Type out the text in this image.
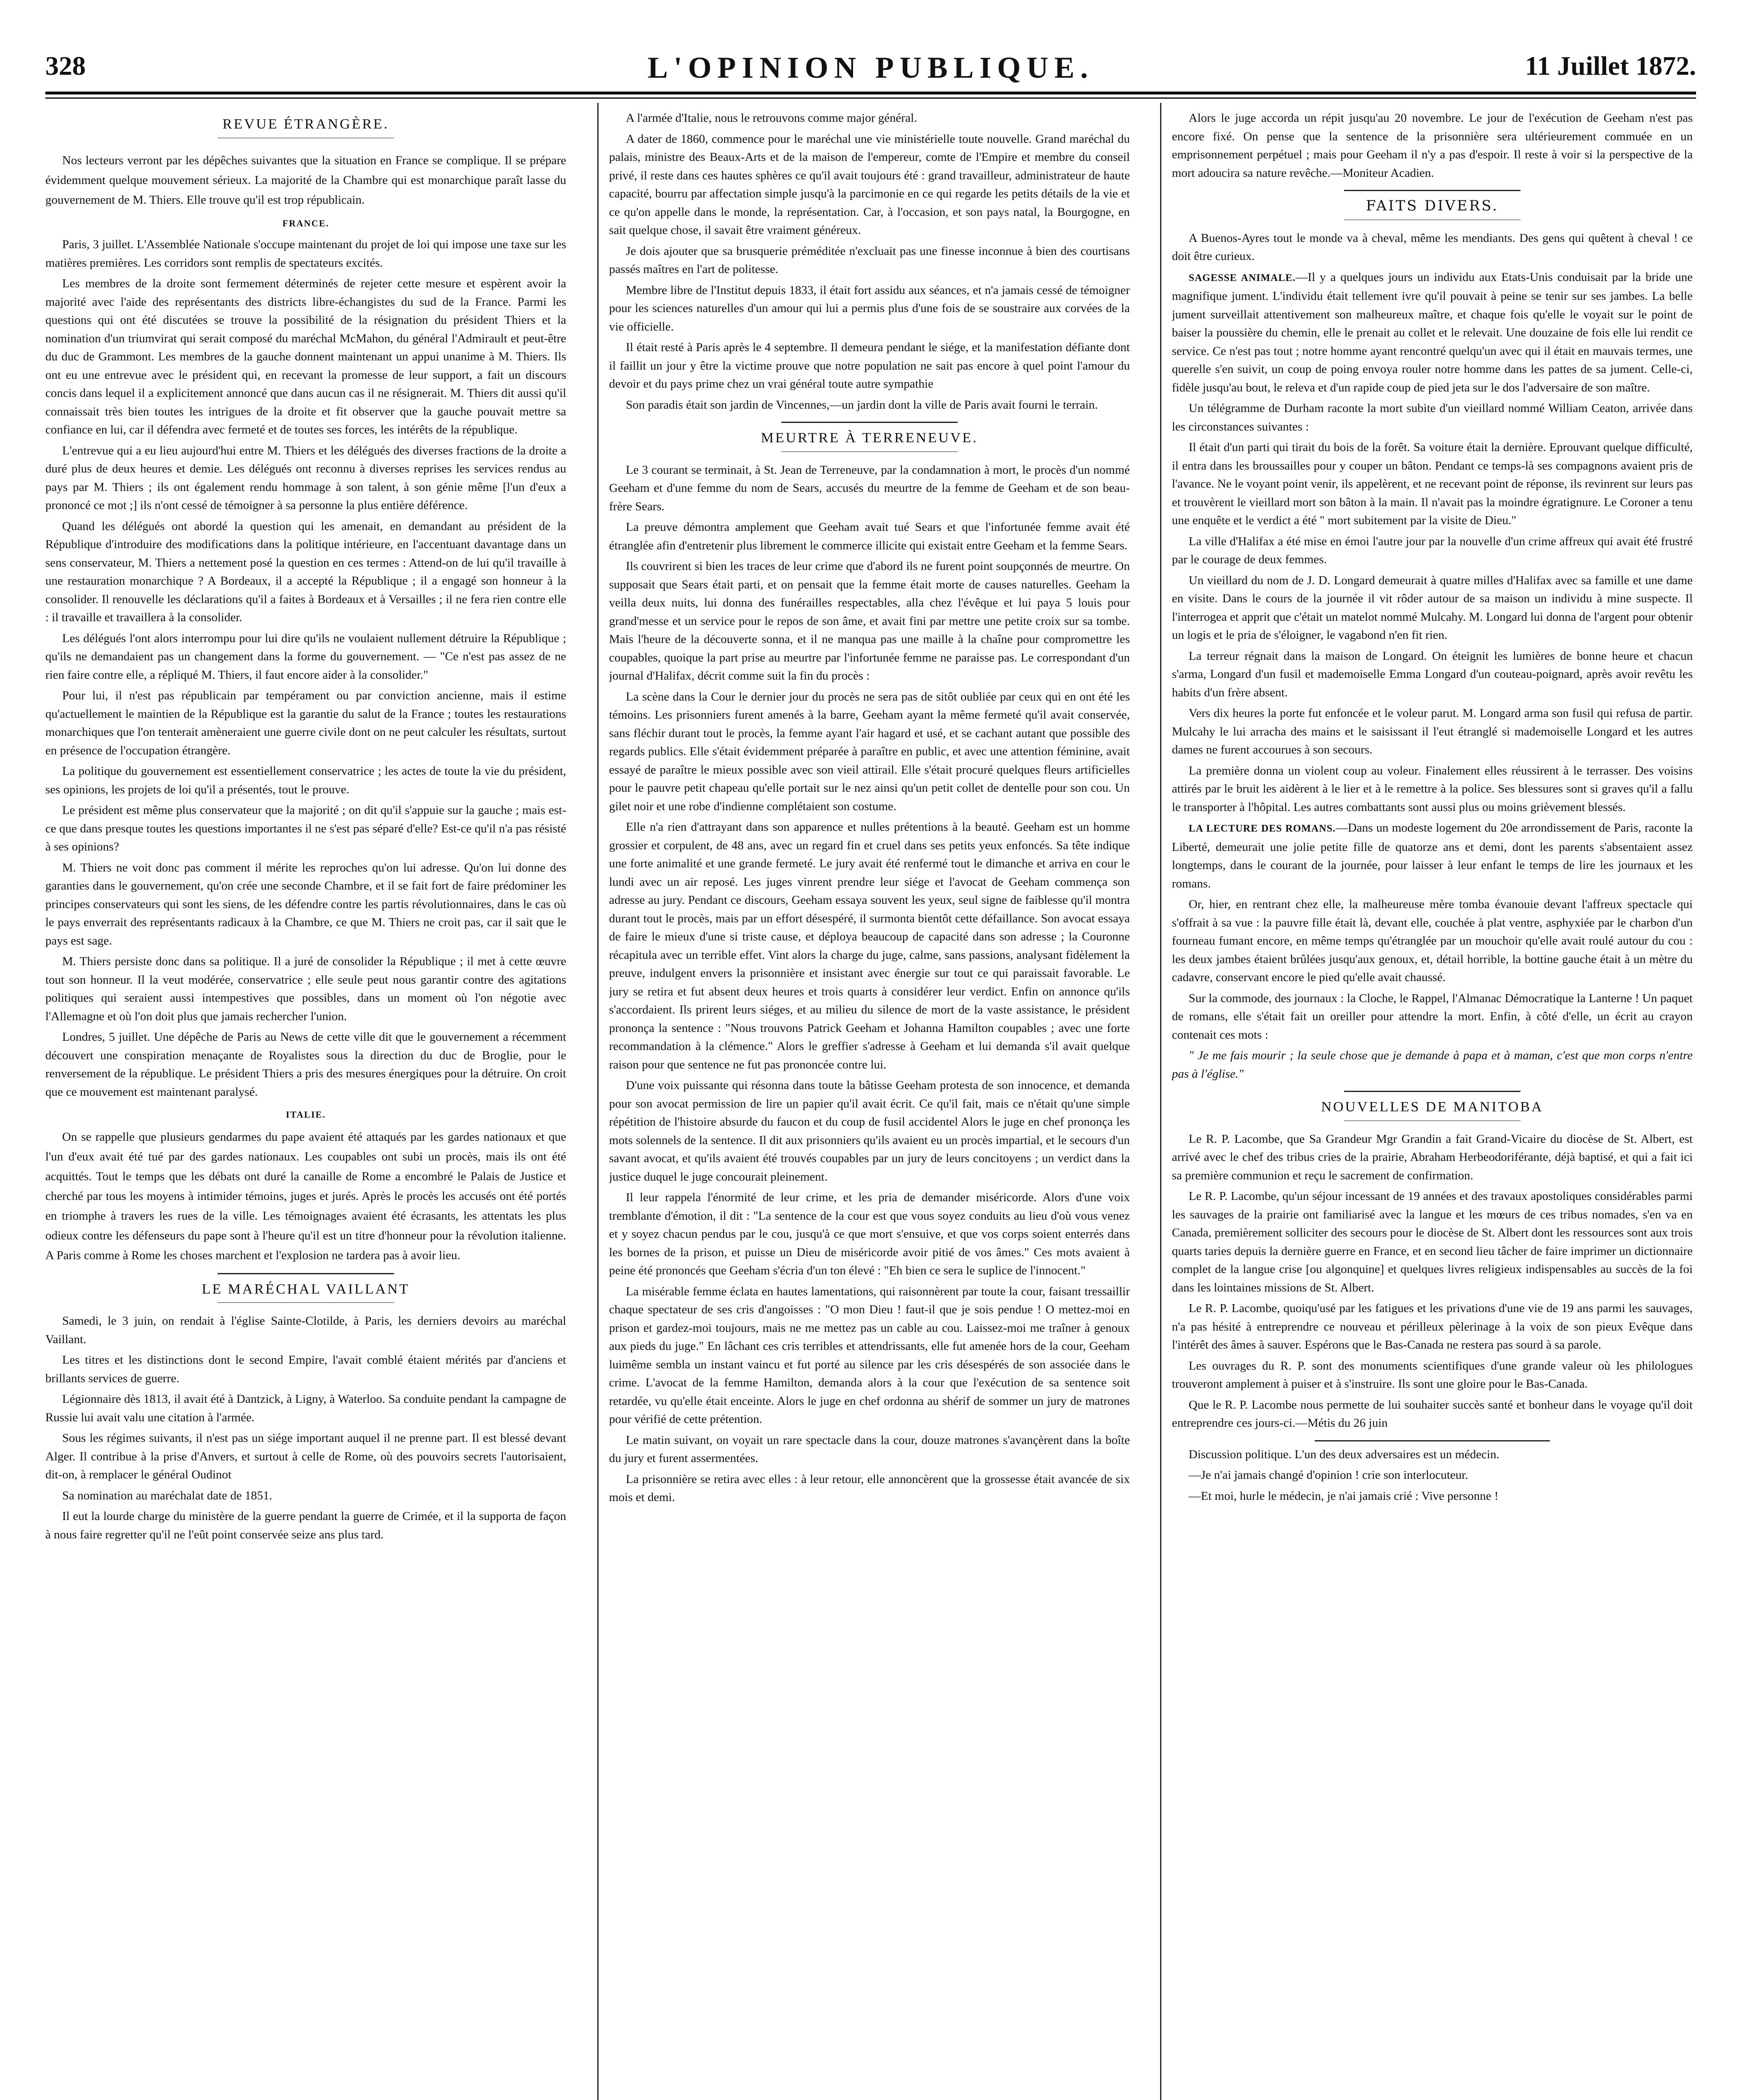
328	L'OPINION PUBLIQUE.	11 Juillet 1872.
REVUE ÉTRANGÈRE.

Nos lecteurs verront par les dépêches suivantes que la situation en France se complique. Il se prépare évidemment quelque mouvement sérieux. La majorité de la Chambre qui est monarchique paraît lasse du gouvernement de M. Thiers. Elle trouve qu'il est trop républicain.

FRANCE.

Paris, 3 juillet. L'Assemblée Nationale s'occupe maintenant du projet de loi qui impose une taxe sur les matières premières. Les corridors sont remplis de spectateurs excités.

Les membres de la droite sont fermement déterminés de rejeter cette mesure et espèrent avoir la majorité avec l'aide des représentants des districts libre-échangistes du sud de la France. Parmi les questions qui ont été discutées se trouve la possibilité de la résignation du président Thiers et la nomination d'un triumvirat qui serait composé du maréchal McMahon, du général l'Admirault et peut-être du duc de Grammont. Les membres de la gauche donnent maintenant un appui unanime à M. Thiers. Ils ont eu une entrevue avec le président qui, en recevant la promesse de leur support, a fait un discours concis dans lequel il a explicitement annoncé que dans aucun cas il ne résignerait. M. Thiers dit aussi qu'il connaissait très bien toutes les intrigues de la droite et fit observer que la gauche pouvait mettre sa confiance en lui, car il défendra avec fermeté et de toutes ses forces, les intérêts de la république.

L'entrevue qui a eu lieu aujourd'hui entre M. Thiers et les délégués des diverses fractions de la droite a duré plus de deux heures et demie. Les délégués ont reconnu à diverses reprises les services rendus au pays par M. Thiers ; ils ont également rendu hommage à son talent, à son génie même [l'un d'eux a prononcé ce mot ;] ils n'ont cessé de témoigner à sa personne la plus entière déférence.

Quand les délégués ont abordé la question qui les amenait, en demandant au président de la République d'introduire des modifications dans la politique intérieure, en l'accentuant davantage dans un sens conservateur, M. Thiers a nettement posé la question en ces termes : Attend-on de lui qu'il travaille à une restauration monarchique ? A Bordeaux, il a accepté la République ; il a engagé son honneur à la consolider. Il renouvelle les déclarations qu'il a faites à Bordeaux et à Versailles ; il ne fera rien contre elle : il travaille et travaillera à la consolider.

Les délégués l'ont alors interrompu pour lui dire qu'ils ne voulaient nullement détruire la République ; qu'ils ne demandaient pas un changement dans la forme du gouvernement. — "Ce n'est pas assez de ne rien faire contre elle, a répliqué M. Thiers, il faut encore aider à la consolider."

Pour lui, il n'est pas républicain par tempérament ou par conviction ancienne, mais il estime qu'actuellement le maintien de la République est la garantie du salut de la France ; toutes les restaurations monarchiques que l'on tenterait amèneraient une guerre civile dont on ne peut calculer les résultats, surtout en présence de l'occupation étrangère.

La politique du gouvernement est essentiellement conservatrice ; les actes de toute la vie du président, ses opinions, les projets de loi qu'il a présentés, tout le prouve.

Le président est même plus conservateur que la majorité ; on dit qu'il s'appuie sur la gauche ; mais est-ce que dans presque toutes les questions importantes il ne s'est pas séparé d'elle? Est-ce qu'il n'a pas résisté à ses opinions?

M. Thiers ne voit donc pas comment il mérite les reproches qu'on lui adresse. Qu'on lui donne des garanties dans le gouvernement, qu'on crée une seconde Chambre, et il se fait fort de faire prédominer les principes conservateurs qui sont les siens, de les défendre contre les partis révolutionnaires, dans le cas où le pays enverrait des représentants radicaux à la Chambre, ce que M. Thiers ne croit pas, car il sait que le pays est sage.

M. Thiers persiste donc dans sa politique. Il a juré de consolider la République ; il met à cette œuvre tout son honneur. Il la veut modérée, conservatrice ; elle seule peut nous garantir contre des agitations politiques qui seraient aussi intempestives que possibles, dans un moment où l'on négotie avec l'Allemagne et où l'on doit plus que jamais rechercher l'union.

Londres, 5 juillet. Une dépêche de Paris au News de cette ville dit que le gouvernement a récemment découvert une conspiration menaçante de Royalistes sous la direction du duc de Broglie, pour le renversement de la république. Le président Thiers a pris des mesures énergiques pour la détruire. On croit que ce mouvement est maintenant paralysé.

ITALIE.

On se rappelle que plusieurs gendarmes du pape avaient été attaqués par les gardes nationaux et que l'un d'eux avait été tué par des gardes nationaux. Les coupables ont subi un procès, mais ils ont été acquittés. Tout le temps que les débats ont duré la canaille de Rome a encombré le Palais de Justice et cherché par tous les moyens à intimider témoins, juges et jurés. Après le procès les accusés ont été portés en triomphe à travers les rues de la ville. Les témoignages avaient été écrasants, les attentats les plus odieux contre les défenseurs du pape sont à l'heure qu'il est un titre d'honneur pour la révolution italienne. A Paris comme à Rome les choses marchent et l'explosion ne tardera pas à avoir lieu.

LE MARÉCHAL VAILLANT

Samedi, le 3 juin, on rendait à l'église Sainte-Clotilde, à Paris, les derniers devoirs au maréchal Vaillant.

Les titres et les distinctions dont le second Empire, l'avait comblé étaient mérités par d'anciens et brillants services de guerre.

Légionnaire dès 1813, il avait été à Dantzick, à Ligny, à Waterloo. Sa conduite pendant la campagne de Russie lui avait valu une citation à l'armée.

Sous les régimes suivants, il n'est pas un siége important auquel il ne prenne part. Il est blessé devant Alger. Il contribue à la prise d'Anvers, et surtout à celle de Rome, où des pouvoirs secrets l'autorisaient, dit-on, à remplacer le général Oudinot

Sa nomination au maréchalat date de 1851.

Il eut la lourde charge du ministère de la guerre pendant la guerre de Crimée, et il la supporta de façon à nous faire regretter qu'il ne l'eût point conservée seize ans plus tard.

A l'armée d'Italie, nous le retrouvons comme major général.

A dater de 1860, commence pour le maréchal une vie ministérielle toute nouvelle. Grand maréchal du palais, ministre des Beaux-Arts et de la maison de l'empereur, comte de l'Empire et membre du conseil privé, il reste dans ces hautes sphères ce qu'il avait toujours été : grand travailleur, administrateur de haute capacité, bourru par affectation simple jusqu'à la parcimonie en ce qui regarde les petits détails de la vie et ce qu'on appelle dans le monde, la représentation. Car, à l'occasion, et son pays natal, la Bourgogne, en sait quelque chose, il savait être vraiment généreux.

Je dois ajouter que sa brusquerie préméditée n'excluait pas une finesse inconnue à bien des courtisans passés maîtres en l'art de politesse.

Membre libre de l'Institut depuis 1833, il était fort assidu aux séances, et n'a jamais cessé de témoigner pour les sciences naturelles d'un amour qui lui a permis plus d'une fois de se soustraire aux corvées de la vie officielle.

Il était resté à Paris après le 4 septembre. Il demeura pendant le siége, et la manifestation défiante dont il faillit un jour y être la victime prouve que notre population ne sait pas encore à quel point l'amour du devoir et du pays prime chez un vrai général toute autre sympathie

Son paradis était son jardin de Vincennes,—un jardin dont la ville de Paris avait fourni le terrain.

MEURTRE À TERRENEUVE.

Le 3 courant se terminait, à St. Jean de Terreneuve, par la condamnation à mort, le procès d'un nommé Geeham et d'une femme du nom de Sears, accusés du meurtre de la femme de Geeham et de son beau-frère Sears.

La preuve démontra amplement que Geeham avait tué Sears et que l'infortunée femme avait été étranglée afin d'entretenir plus librement le commerce illicite qui existait entre Geeham et la femme Sears.

Ils couvrirent si bien les traces de leur crime que d'abord ils ne furent point soupçonnés de meurtre. On supposait que Sears était parti, et on pensait que la femme était morte de causes naturelles. Geeham la veilla deux nuits, lui donna des funérailles respectables, alla chez l'évêque et lui paya 5 louis pour grand'messe et un service pour le repos de son âme, et avait fini par mettre une petite croix sur sa tombe. Mais l'heure de la découverte sonna, et il ne manqua pas une maille à la chaîne pour compromettre les coupables, quoique la part prise au meurtre par l'infortunée femme ne paraisse pas. Le correspondant d'un journal d'Halifax, décrit comme suit la fin du procès :

La scène dans la Cour le dernier jour du procès ne sera pas de sitôt oubliée par ceux qui en ont été les témoins. Les prisonniers furent amenés à la barre, Geeham ayant la même fermeté qu'il avait conservée, sans fléchir durant tout le procès, la femme ayant l'air hagard et usé, et se cachant autant que possible des regards publics. Elle s'était évidemment préparée à paraître en public, et avec une attention féminine, avait essayé de paraître le mieux possible avec son vieil attirail. Elle s'était procuré quelques fleurs artificielles pour le pauvre petit chapeau qu'elle portait sur le nez ainsi qu'un petit collet de dentelle pour son cou. Un gilet noir et une robe d'indienne complétaient son costume.

Elle n'a rien d'attrayant dans son apparence et nulles prétentions à la beauté. Geeham est un homme grossier et corpulent, de 48 ans, avec un regard fin et cruel dans ses petits yeux enfoncés. Sa tête indique une forte animalité et une grande fermeté. Le jury avait été renfermé tout le dimanche et arriva en cour le lundi avec un air reposé. Les juges vinrent prendre leur siége et l'avocat de Geeham commença son adresse au jury. Pendant ce discours, Geeham essaya souvent les yeux, seul signe de faiblesse qu'il montra durant tout le procès, mais par un effort désespéré, il surmonta bientôt cette défaillance. Son avocat essaya de faire le mieux d'une si triste cause, et déploya beaucoup de capacité dans son adresse ; la Couronne récapitula avec un terrible effet. Vint alors la charge du juge, calme, sans passions, analysant fidèlement la preuve, indulgent envers la prisonnière et insistant avec énergie sur tout ce qui paraissait favorable. Le jury se retira et fut absent deux heures et trois quarts à considérer leur verdict. Enfin on annonce qu'ils s'accordaient. Ils prirent leurs siéges, et au milieu du silence de mort de la vaste assistance, le président prononça la sentence : "Nous trouvons Patrick Geeham et Johanna Hamilton coupables ; avec une forte recommandation à la clémence." Alors le greffier s'adresse à Geeham et lui demanda s'il avait quelque raison pour que sentence ne fut pas prononcée contre lui.

D'une voix puissante qui résonna dans toute la bâtisse Geeham protesta de son innocence, et demanda pour son avocat permission de lire un papier qu'il avait écrit. Ce qu'il fait, mais ce n'était qu'une simple répétition de l'histoire absurde du faucon et du coup de fusil accidentel Alors le juge en chef prononça les mots solennels de la sentence. Il dit aux prisonniers qu'ils avaient eu un procès impartial, et le secours d'un savant avocat, et qu'ils avaient été trouvés coupables par un jury de leurs concitoyens ; un verdict dans la justice duquel le juge concourait pleinement.

Il leur rappela l'énormité de leur crime, et les pria de demander miséricorde. Alors d'une voix tremblante d'émotion, il dit : "La sentence de la cour est que vous soyez conduits au lieu d'où vous venez et y soyez chacun pendus par le cou, jusqu'à ce que mort s'ensuive, et que vos corps soient enterrés dans les bornes de la prison, et puisse un Dieu de miséricorde avoir pitié de vos âmes." Ces mots avaient à peine été prononcés que Geeham s'écria d'un ton élevé : "Eh bien ce sera le suplice de l'innocent."

La misérable femme éclata en hautes lamentations, qui raisonnèrent par toute la cour, faisant tressaillir chaque spectateur de ses cris d'angoisses : "O mon Dieu ! faut-il que je sois pendue ! O mettez-moi en prison et gardez-moi toujours, mais ne me mettez pas un cable au cou. Laissez-moi me traîner à genoux aux pieds du juge." En lâchant ces cris terribles et attendrissants, elle fut amenée hors de la cour, Geeham luimême sembla un instant vaincu et fut porté au silence par les cris désespérés de son associée dans le crime. L'avocat de la femme Hamilton, demanda alors à la cour que l'exécution de sa sentence soit retardée, vu qu'elle était enceinte. Alors le juge en chef ordonna au shérif de sommer un jury de matrones pour vérifié de cette prétention.

Le matin suivant, on voyait un rare spectacle dans la cour, douze matrones s'avançèrent dans la boîte du jury et furent assermentées.

La prisonnière se retira avec elles : à leur retour, elle annoncèrent que la grossesse était avancée de six mois et demi.

Alors le juge accorda un répit jusqu'au 20 novembre. Le jour de l'exécution de Geeham n'est pas encore fixé. On pense que la sentence de la prisonnière sera ultérieurement commuée en un emprisonnement perpétuel ; mais pour Geeham il n'y a pas d'espoir. Il reste à voir si la perspective de la mort adoucira sa nature revêche.—Moniteur Acadien.

FAITS DIVERS.

A Buenos-Ayres tout le monde va à cheval, même les mendiants. Des gens qui quêtent à cheval ! ce doit être curieux.

SAGESSE ANIMALE.—Il y a quelques jours un individu aux Etats-Unis conduisait par la bride une magnifique jument. L'individu était tellement ivre qu'il pouvait à peine se tenir sur ses jambes. La belle jument surveillait attentivement son malheureux maître, et chaque fois qu'elle le voyait sur le point de baiser la poussière du chemin, elle le prenait au collet et le relevait. Une douzaine de fois elle lui rendit ce service. Ce n'est pas tout ; notre homme ayant rencontré quelqu'un avec qui il était en mauvais termes, une querelle s'en suivit, un coup de poing envoya rouler notre homme dans les pattes de sa jument. Celle-ci, fidèle jusqu'au bout, le releva et d'un rapide coup de pied jeta sur le dos l'adversaire de son maître.

Un télégramme de Durham raconte la mort subite d'un vieillard nommé William Ceaton, arrivée dans les circonstances suivantes :

Il était d'un parti qui tirait du bois de la forêt. Sa voiture était la dernière. Eprouvant quelque difficulté, il entra dans les broussailles pour y couper un bâton. Pendant ce temps-là ses compagnons avaient pris de l'avance. Ne le voyant point venir, ils appelèrent, et ne recevant point de réponse, ils revinrent sur leurs pas et trouvèrent le vieillard mort son bâton à la main. Il n'avait pas la moindre égratignure. Le Coroner a tenu une enquête et le verdict a été " mort subitement par la visite de Dieu."

La ville d'Halifax a été mise en émoi l'autre jour par la nouvelle d'un crime affreux qui avait été frustré par le courage de deux femmes.

Un vieillard du nom de J. D. Longard demeurait à quatre milles d'Halifax avec sa famille et une dame en visite. Dans le cours de la journée il vit rôder autour de sa maison un individu à mine suspecte. Il l'interrogea et apprit que c'était un matelot nommé Mulcahy. M. Longard lui donna de l'argent pour obtenir un logis et le pria de s'éloigner, le vagabond n'en fit rien.

La terreur régnait dans la maison de Longard. On éteignit les lumières de bonne heure et chacun s'arma, Longard d'un fusil et mademoiselle Emma Longard d'un couteau-poignard, après avoir revêtu les habits d'un frère absent.

Vers dix heures la porte fut enfoncée et le voleur parut. M. Longard arma son fusil qui refusa de partir. Mulcahy le lui arracha des mains et le saisissant il l'eut étranglé si mademoiselle Longard et les autres dames ne furent accourues à son secours.

La première donna un violent coup au voleur. Finalement elles réussirent à le terrasser. Des voisins attirés par le bruit les aidèrent à le lier et à le remettre à la police. Ses blessures sont si graves qu'il a fallu le transporter à l'hôpital. Les autres combattants sont aussi plus ou moins grièvement blessés.

LA LECTURE DES ROMANS.—Dans un modeste logement du 20e arrondissement de Paris, raconte la Liberté, demeurait une jolie petite fille de quatorze ans et demi, dont les parents s'absentaient assez longtemps, dans le courant de la journée, pour laisser à leur enfant le temps de lire les journaux et les romans.

Or, hier, en rentrant chez elle, la malheureuse mère tomba évanouie devant l'affreux spectacle qui s'offrait à sa vue : la pauvre fille était là, devant elle, couchée à plat ventre, asphyxiée par le charbon d'un fourneau fumant encore, en même temps qu'étranglée par un mouchoir qu'elle avait roulé autour du cou : les deux jambes étaient brûlées jusqu'aux genoux, et, détail horrible, la bottine gauche était à un mètre du cadavre, conservant encore le pied qu'elle avait chaussé.

Sur la commode, des journaux : la Cloche, le Rappel, l'Almanac Démocratique la Lanterne ! Un paquet de romans, elle s'était fait un oreiller pour attendre la mort. Enfin, à côté d'elle, un écrit au crayon contenait ces mots :

" Je me fais mourir ; la seule chose que je demande à papa et à maman, c'est que mon corps n'entre pas à l'église."

NOUVELLES DE MANITOBA

Le R. P. Lacombe, que Sa Grandeur Mgr Grandin a fait Grand-Vicaire du diocèse de St. Albert, est arrivé avec le chef des tribus cries de la prairie, Abraham Herbeodoriférante, déjà baptisé, et qui a fait ici sa première communion et reçu le sacrement de confirmation.

Le R. P. Lacombe, qu'un séjour incessant de 19 années et des travaux apostoliques considérables parmi les sauvages de la prairie ont familiarisé avec la langue et les mœurs de ces tribus nomades, s'en va en Canada, premièrement solliciter des secours pour le diocèse de St. Albert dont les ressources sont aux trois quarts taries depuis la dernière guerre en France, et en second lieu tâcher de faire imprimer un dictionnaire complet de la langue crise [ou algonquine] et quelques livres religieux indispensables au succès de la foi dans les lointaines missions de St. Albert.

Le R. P. Lacombe, quoiqu'usé par les fatigues et les privations d'une vie de 19 ans parmi les sauvages, n'a pas hésité à entreprendre ce nouveau et périlleux pèlerinage à la voix de son pieux Evêque dans l'intérêt des âmes à sauver. Espérons que le Bas-Canada ne restera pas sourd à sa parole.

Les ouvrages du R. P. sont des monuments scientifiques d'une grande valeur où les philologues trouveront amplement à puiser et à s'instruire. Ils sont une gloire pour le Bas-Canada.

Que le R. P. Lacombe nous permette de lui souhaiter succès santé et bonheur dans le voyage qu'il doit entreprendre ces jours-ci.—Métis du 26 juin

Discussion politique. L'un des deux adversaires est un médecin.

—Je n'ai jamais changé d'opinion ! crie son interlocuteur.

—Et moi, hurle le médecin, je n'ai jamais crié : Vive personne !
